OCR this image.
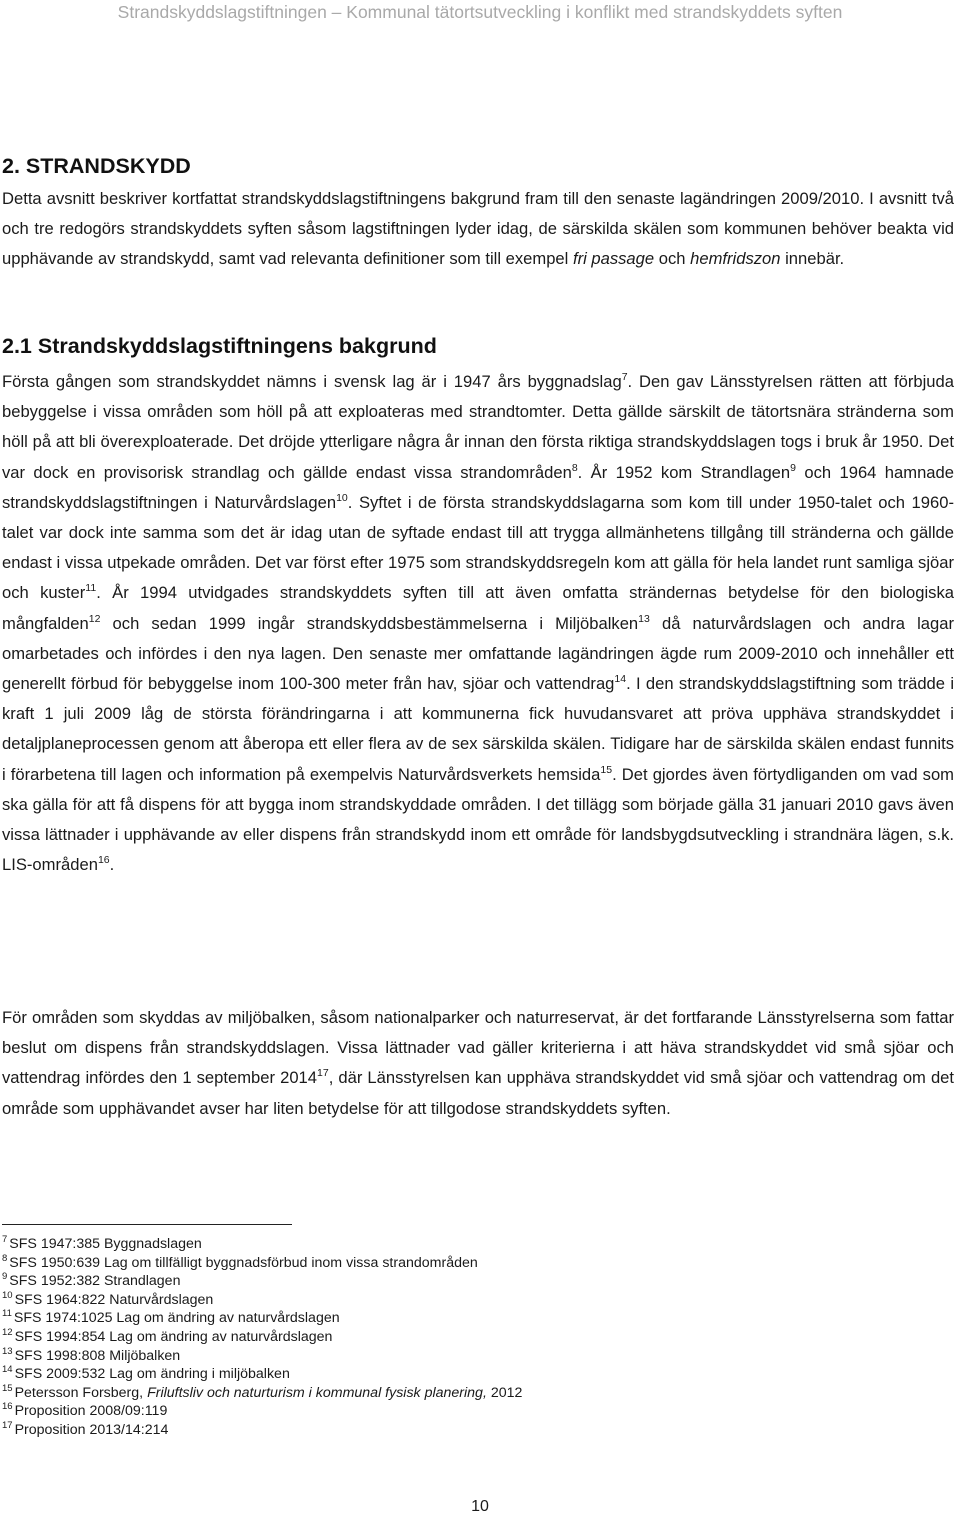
Strandskyddslagstiftningen – Kommunal tätortsutveckling i konflikt med strandskyddets syften
2. STRANDSKYDD

Detta avsnitt beskriver kortfattat strandskyddslagstiftningens bakgrund fram till den senaste lagändringen 2009/2010. I avsnitt två och tre redogörs strandskyddets syften såsom lagstiftningen lyder idag, de särskilda skälen som kommunen behöver beakta vid upphävande av strandskydd, samt vad relevanta definitioner som till exempel fri passage och hemfridszon innebär.

2.1 Strandskyddslagstiftningens bakgrund

Första gången som strandskyddet nämns i svensk lag är i 1947 års byggnadslag$^7$. Den gav Länsstyrelsen rätten att förbjuda bebyggelse i vissa områden som höll på att exploateras med strandtomter. Detta gällde särskilt de tätortsnära stränderna som höll på att bli överexploaterade. Det dröjde ytterligare några år innan den första riktiga strandskyddslagen togs i bruk år 1950. Det var dock en provisorisk strandlag och gällde endast vissa strandområden$^8$. År 1952 kom Strandlagen$^9$ och 1964 hamnade strandskyddslagstiftningen i Naturvårdslagen$^{10}$. Syftet i de första strandskyddslagarna som kom till under 1950-talet och 1960-talet var dock inte samma som det är idag utan de syftade endast till att trygga allmänhetens tillgång till stränderna och gällde endast i vissa utpekade områden. Det var först efter 1975 som strandskyddsregeln kom att gälla för hela landet runt samliga sjöar och kuster$^{11}$. År 1994 utvidgades strandskyddets syften till att även omfatta strändernas betydelse för den biologiska mångfalden$^{12}$ och sedan 1999 ingår strandskyddsbestämmelserna i Miljöbalken$^{13}$ då naturvårdslagen och andra lagar omarbetades och infördes i den nya lagen. Den senaste mer omfattande lagändringen ägde rum 2009-2010 och innehåller ett generellt förbud för bebyggelse inom 100-300 meter från hav, sjöar och vattendrag$^{14}$. I den strandskyddslagstiftning som trädde i kraft 1 juli 2009 låg de största förändringarna i att kommunerna fick huvudansvaret att pröva upphäva strandskyddet i detaljplaneprocessen genom att åberopa ett eller flera av de sex särskilda skälen. Tidigare har de särskilda skälen endast funnits i förarbetena till lagen och information på exempelvis Naturvårdsverkets hemsida$^{15}$. Det gjordes även förtydliganden om vad som ska gälla för att få dispens för att bygga inom strandskyddade områden. I det tillägg som började gälla 31 januari 2010 gavs även vissa lättnader i upphävande av eller dispens från strandskydd inom ett område för landsbygdsutveckling i strandnära lägen, s.k. LIS-områden$^{16}$.

För områden som skyddas av miljöbalken, såsom nationalparker och naturreservat, är det fortfarande Länsstyrelserna som fattar beslut om dispens från strandskyddslagen. Vissa lättnader vad gäller kriterierna i att häva strandskyddet vid små sjöar och vattendrag infördes den 1 september 2014$^{17}$, där Länsstyrelsen kan upphäva strandskyddet vid små sjöar och vattendrag om det område som upphävandet avser har liten betydelse för att tillgodose strandskyddets syften.

$^7$ SFS 1947:385 Byggnadslagen
$^8$ SFS 1950:639 Lag om tillfälligt byggnadsförbud inom vissa strandområden
$^9$ SFS 1952:382 Strandlagen
$^{10}$ SFS 1964:822 Naturvårdslagen
$^{11}$ SFS 1974:1025 Lag om ändring av naturvårdslagen
$^{12}$ SFS 1994:854 Lag om ändring av naturvårdslagen
$^{13}$ SFS 1998:808 Miljöbalken
$^{14}$ SFS 2009:532 Lag om ändring i miljöbalken
$^{15}$ Petersson Forsberg, Friluftsliv och naturturism i kommunal fysisk planering, 2012
$^{16}$ Proposition 2008/09:119
$^{17}$ Proposition 2013/14:214
10
